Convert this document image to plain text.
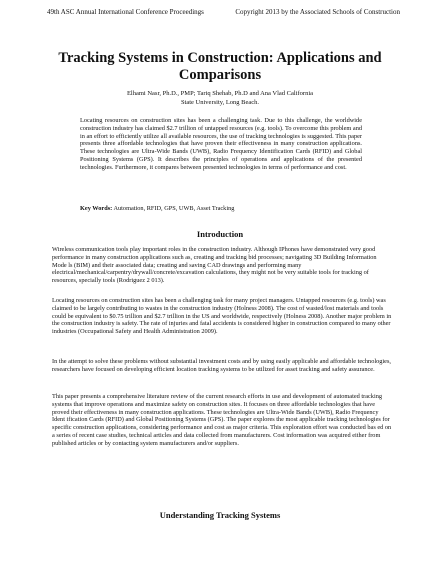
49th ASC Annual International Conference Proceedings	Copyright 2013 by the Associated Schools of Construction
Tracking Systems in Construction: Applications and Comparisons
Elhami Nasr, Ph.D., PMP; Tariq Shehab, Ph.D and Ana Vlad California
State University, Long Beach.

Locating resources on construction sites has been a challenging task. Due to this challenge, the worldwide construction industry has claimed $2.7 trillion of untapped resources (e.g. tools). To overcome this problem and in an effort to efficiently utilize all available resources, the use of tracking technologies is suggested. This paper presents three affordable technologies that have proven their effectiveness in many construction applications. These technologies are Ultra-Wide Bands (UWB), Radio Frequency Identification Cards (RFID) and Global Positioning Systems (GPS). It describes the principles of operations and applications of the presented technologies. Furthermore, it compares between presented technologies in terms of performance and cost.

Key Words: Automation, RFID, GPS, UWB, Asset Tracking
Introduction

Wireless communication tools play important roles in the construction industry. Although IPhones have demonstrated very good performance in many construction applications such as, creating and tracking bid processes; navigating 3D Building Information Mode ls (BIM) and their associated data; creating and saving CAD drawings and performing many electrical/mechanical/carpentry/drywall/concrete/excavation calculations, they might not be very suitable tools for tracking of resources, specially tools (Rodriguez 2 013).

Locating resources on construction sites has been a challenging task for many project managers. Untapped resources (e.g. tools) was claimed to be largely contributing to wastes in the construction industry (Holness 2008). The cost of wasted/lost materials and tools could be equivalent to $0.75 trillion and $2.7 trillion in the US and worldwide, respectively (Holness 2008). Another major problem in the construction industry is safety. The rate of injuries and fatal accidents is considered higher in construction compared to many other industries (Occupational Safety and Health Administration 2009).

In the attempt to solve these problems without substantial investment costs and by using easily applicable and affordable technologies, researchers have focused on developing efficient location tracking systems to be utilized for asset tracking and safety assurance.

This paper presents a comprehensive literature review of the current research efforts in use and development of automated tracking systems that improve operations and maximize safety on construction sites. It focuses on three affordable technologies that have proved their effectiveness in many construction applications. These technologies are Ultra-Wide Bands (UWB), Radio Frequency Ident ification Cards (RFID) and Global Positioning Systems (GPS). The paper explores the most applicable tracking technologies for specific construction applications, considering performance and cost as major criteria. This exploration effort was conducted bas ed on a series of recent case studies, technical articles and data collected from manufacturers. Cost information was acquired either from published articles or by contacting system manufacturers and/or suppliers.

Understanding Tracking Systems
